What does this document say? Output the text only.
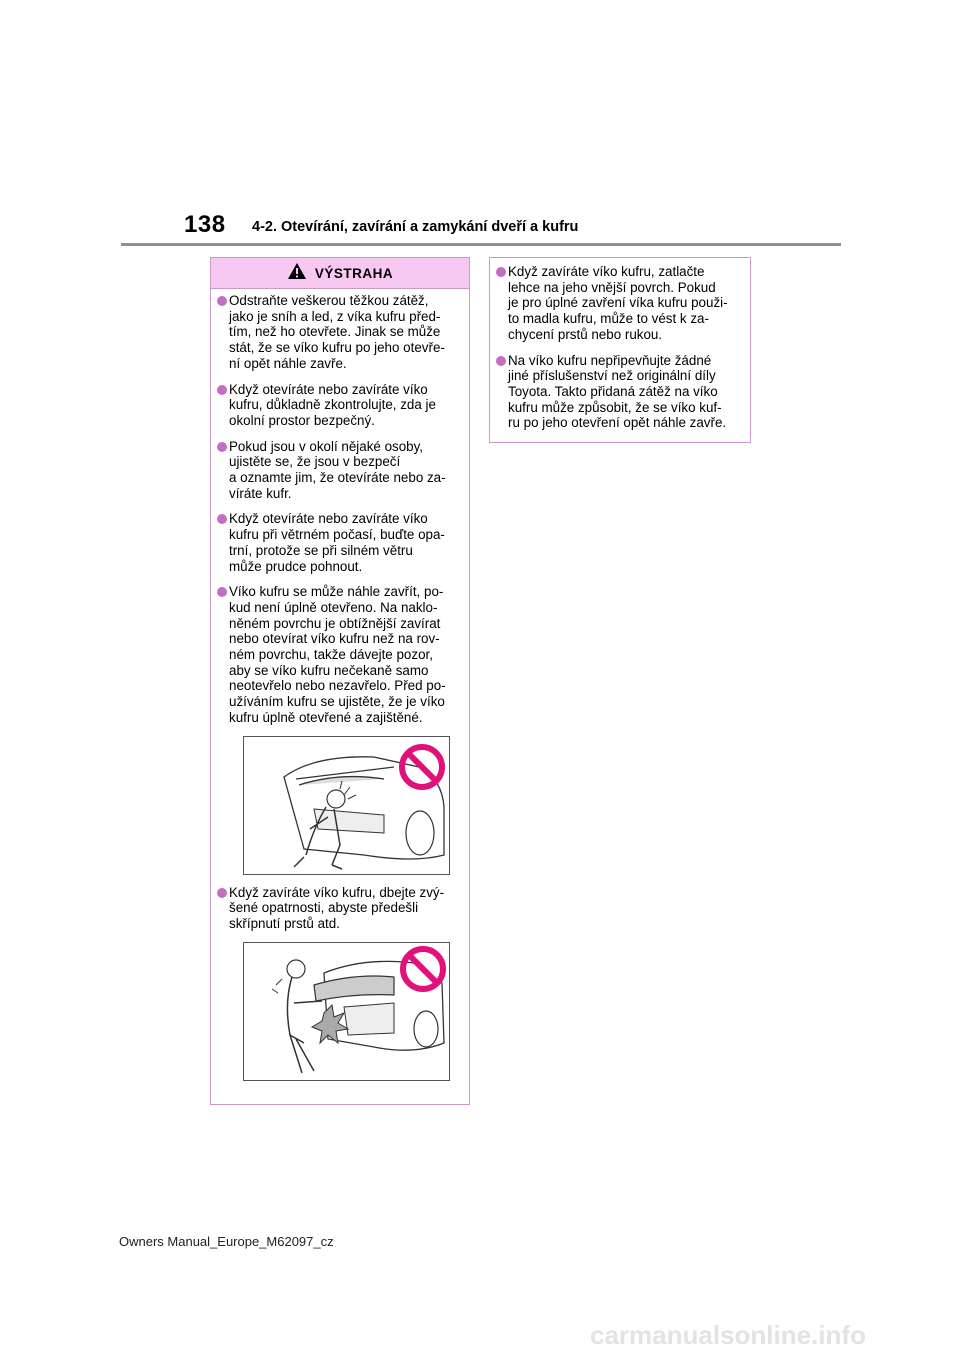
138 4-2. Otevírání, zavírání a zamykání dveří a kufru
VÝSTRAHA
Odstraňte veškerou těžkou zátěž,
jako je sníh a led, z víka kufru před-
tím, než ho otevřete. Jinak se může
stát, že se víko kufru po jeho otevře-
ní opět náhle zavře.
Když otevíráte nebo zavíráte víko
kufru, důkladně zkontrolujte, zda je
okolní prostor bezpečný.
Pokud jsou v okolí nějaké osoby,
ujistěte se, že jsou v bezpečí
a oznamte jim, že otevíráte nebo za-
víráte kufr.
Když otevíráte nebo zavíráte víko
kufru při větrném počasí, buďte opa-
trní, protože se při silném větru
může prudce pohnout.
Víko kufru se může náhle zavřít, po-
kud není úplně otevřeno. Na naklo-
něném povrchu je obtížnější zavírat
nebo otevírat víko kufru než na rov-
ném povrchu, takže dávejte pozor,
aby se víko kufru nečekaně samo
neotevřelo nebo nezavřelo. Před po-
užíváním kufru se ujistěte, že je víko
kufru úplně otevřené a zajištěné.
Když zavíráte víko kufru, dbejte zvý-
šené opatrnosti, abyste předešli
skřípnutí prstů atd.
Když zavíráte víko kufru, zatlačte
lehce na jeho vnější povrch. Pokud
je pro úplné zavření víka kufru použi-
to madla kufru, může to vést k za-
chycení prstů nebo rukou.
Na víko kufru nepřipevňujte žádné
jiné příslušenství než originální díly
Toyota. Takto přidaná zátěž na víko
kufru může způsobit, že se víko kuf-
ru po jeho otevření opět náhle zavře.
Owners Manual_Europe_M62097_cz
carmanualsonline.info
